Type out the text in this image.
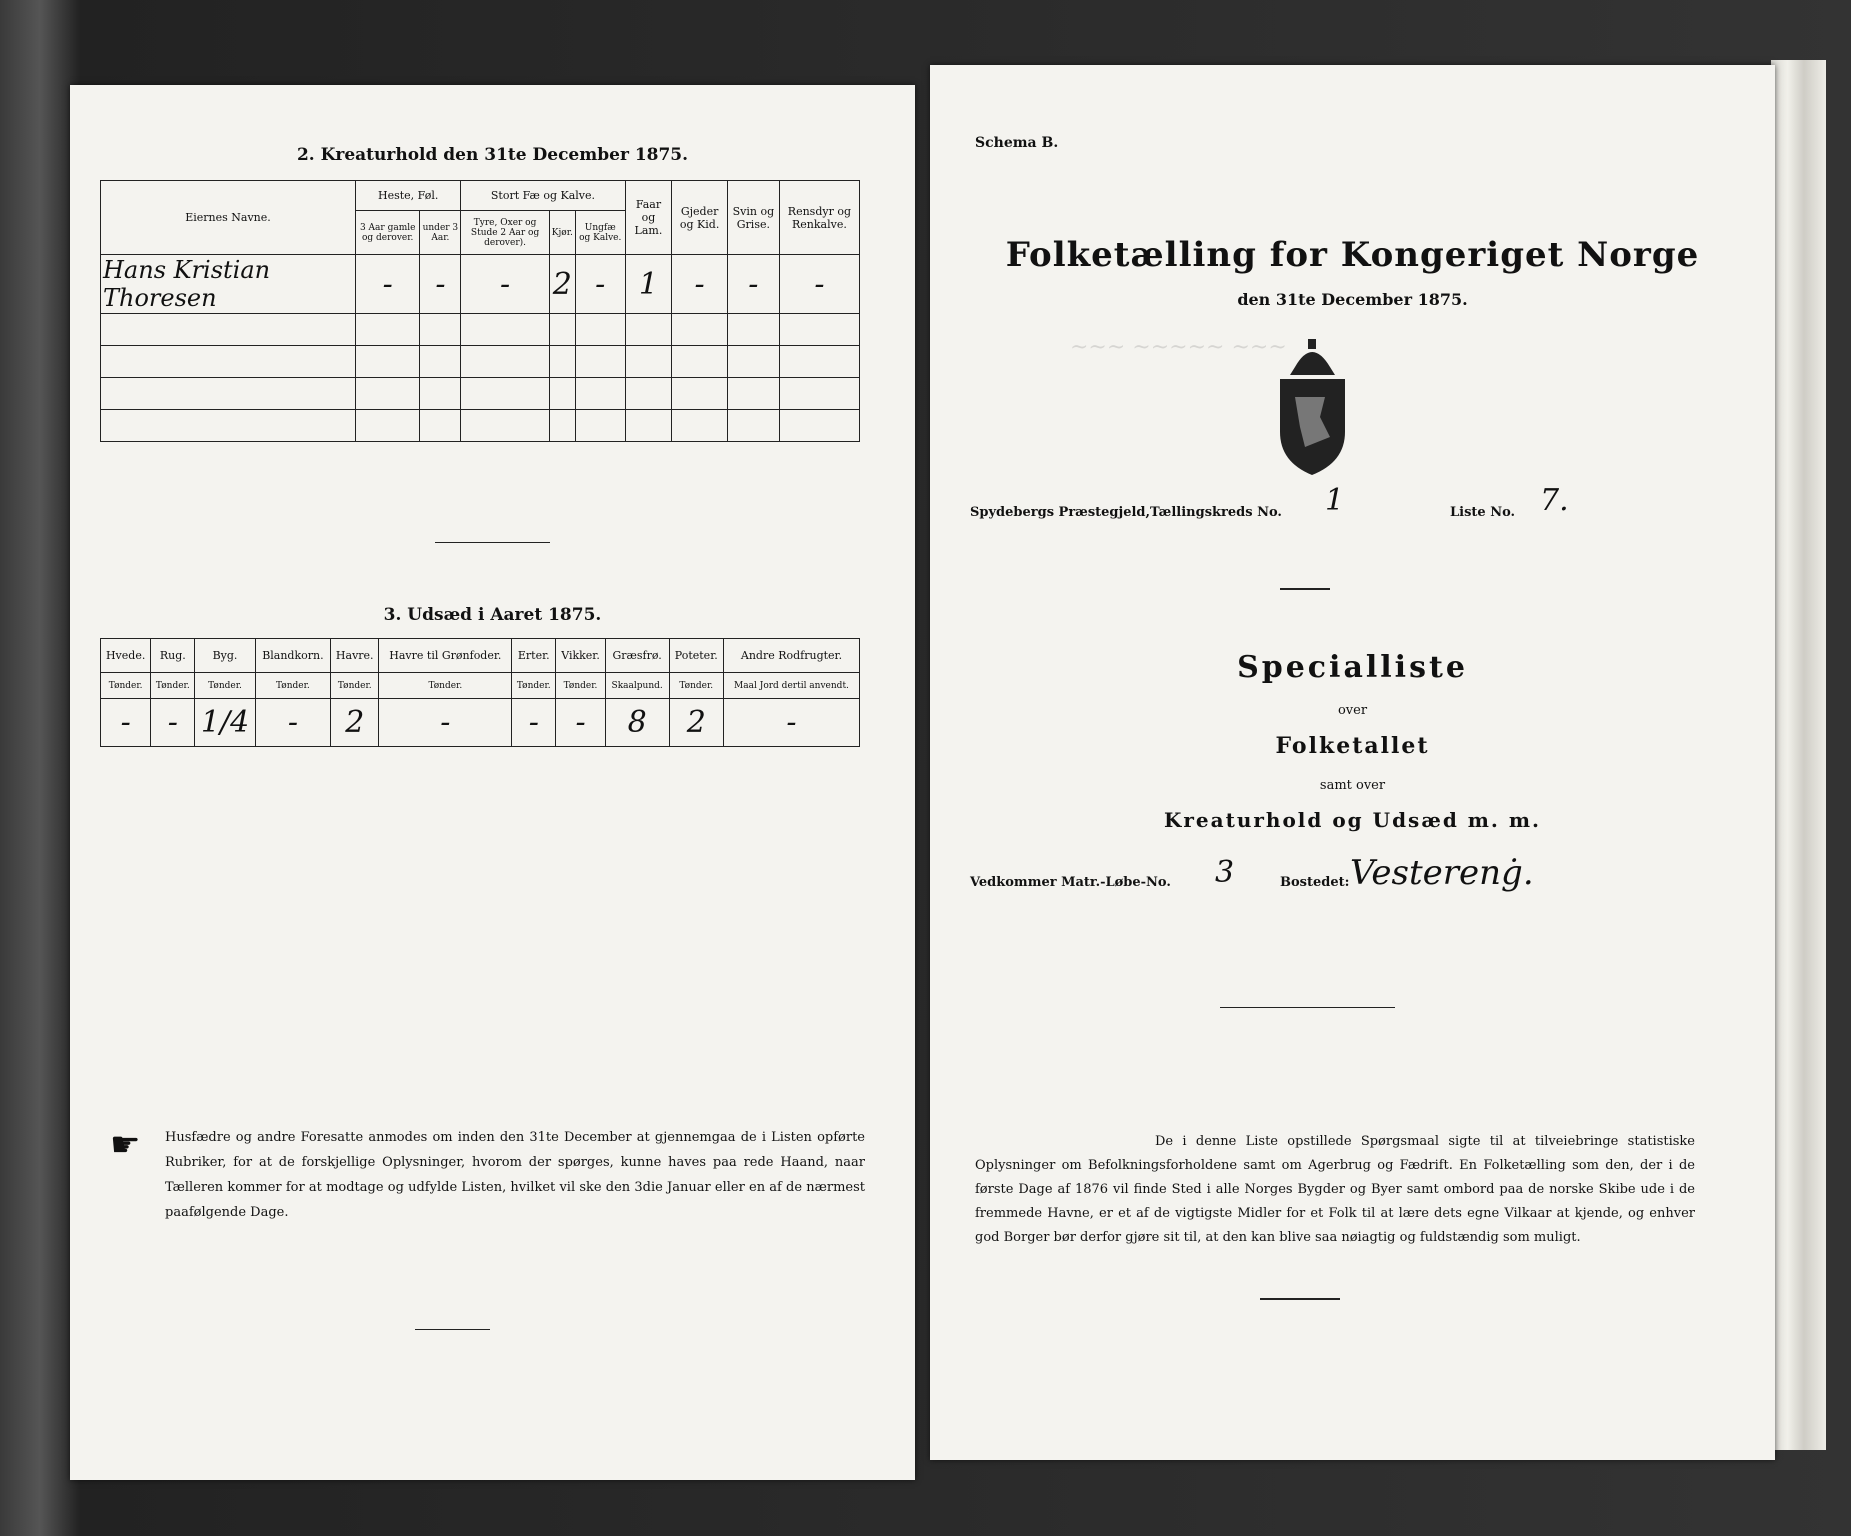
2. Kreaturhold den 31te December 1875.
Eiernes Navne.	Heste, Føl.		Stort Fæ og Kalve.			Faar og Lam.	Gjeder og Kid.	Svin og Grise.	Rensdyr og Renkalve.
	3 Aar gamle og derover.	under 3 Aar.	Tyre, Oxer og Stude 2 Aar og derover).	Kjør.	Ungfæ og Kalve.				
Hans Kristian Thoresen	-	-	-	2	-	1	-	-	-

3. Udsæd i Aaret 1875.
Hvede.	Rug.	Byg.	Blandkorn.	Havre.	Havre til Grønfoder.	Erter.	Vikker.	Græsfrø.	Poteter.	Andre Rodfrugter.
Tønder.	Tønder.	Tønder.	Tønder.	Tønder.	Tønder.	Tønder.	Tønder.	Skaalpund.	Tønder.	Maal Jord dertil anvendt.
-	-	1/4	-	2	-	-	-	8	2	-
☛ Husfædre og andre Foresatte anmodes om inden den 31te December at gjennemgaa de i Listen opførte Rubriker, for at de forskjellige Oplysninger, hvorom der spørges, kunne haves paa rede Haand, naar Tælleren kommer for at modtage og udfylde Listen, hvilket vil ske den 3die Januar eller en af de nærmest paafølgende Dage.
~~~ ~~~~~ ~~~
Schema B.
Folketælling for Kongeriget Norge
den 31te December 1875.
Spydebergs Præstegjeld, Tællingskreds No. 1	Liste No. 7.
Specialliste
over
Folketallet
samt over
Kreaturhold og Udsæd m. m.
Vedkommer Matr.-Løbe-No. 3	Bostedet: Vesterenġ.
De i denne Liste opstillede Spørgsmaal sigte til at tilveiebringe statistiske Oplysninger om Befolkningsforholdene samt om Agerbrug og Fædrift. En Folketælling som den, der i de første Dage af 1876 vil finde Sted i alle Norges Bygder og Byer samt ombord paa de norske Skibe ude i de fremmede Havne, er et af de vigtigste Midler for et Folk til at lære dets egne Vilkaar at kjende, og enhver god Borger bør derfor gjøre sit til, at den kan blive saa nøiagtig og fuldstændig som muligt.
